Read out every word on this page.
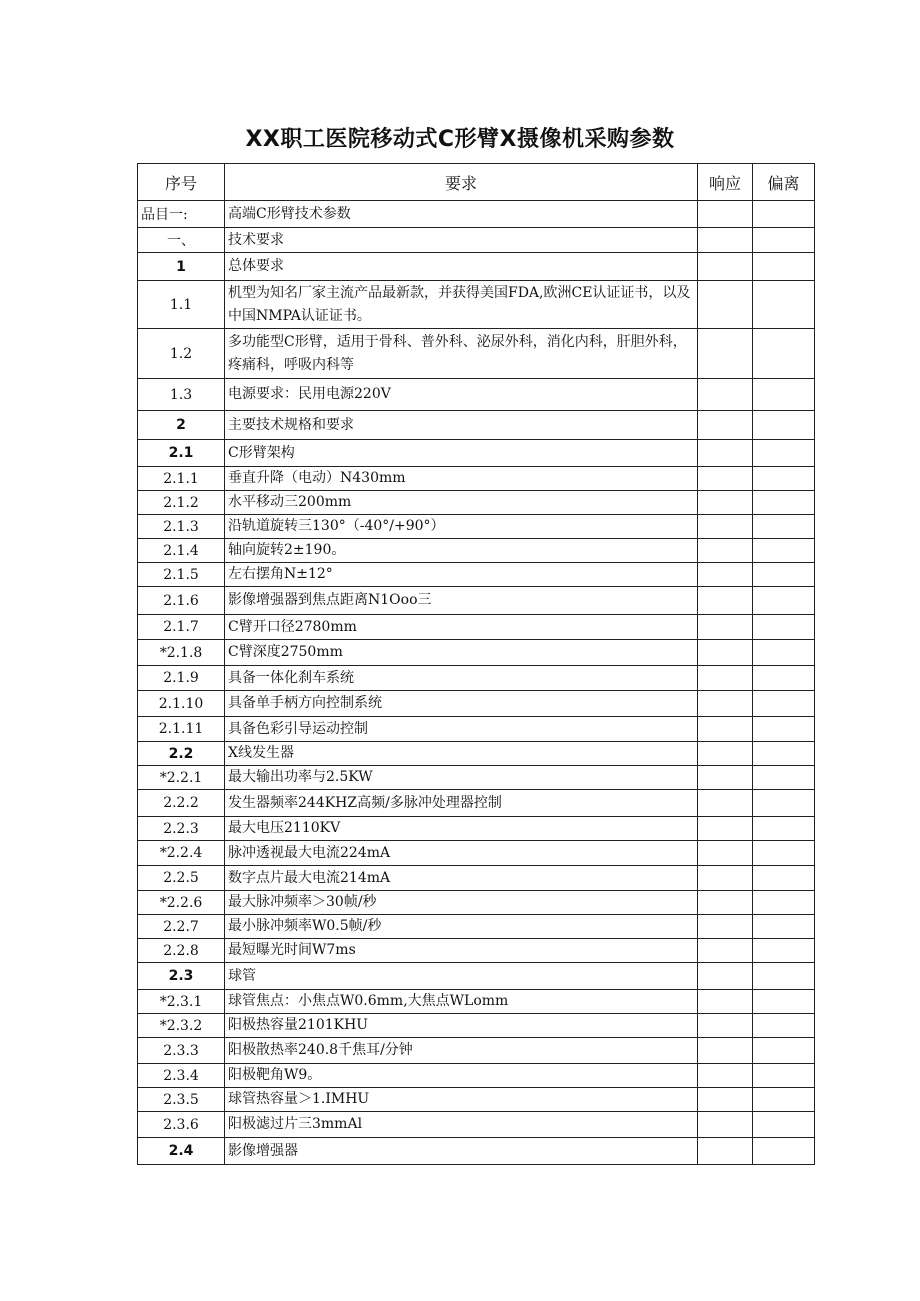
XX职工医院移动式C形臂X摄像机采购参数
序号	要求	响应	偏离
品目一:	高端C形臂技术参数		
一、	技术要求		
1	总体要求		
1.1	机型为知名厂家主流产品最新款，并获得美国FDA,欧洲CE认证证书，以及中国NMPA认证证书。		
1.2	多功能型C形臂，适用于骨科、普外科、泌尿外科，消化内科，肝胆外科，疼痛科，呼吸内科等		
1.3	电源要求：民用电源220V		
2	主要技术规格和要求		
2.1	C形臂架构		
2.1.1	垂直升降（电动）N430mm		
2.1.2	水平移动三200mm		
2.1.3	沿轨道旋转三130°（-40°/+90°）		
2.1.4	轴向旋转2±190。		
2.1.5	左右摆角N±12°		
2.1.6	影像增强器到焦点距离N1Ooo三		
2.1.7	C臂开口径2780mm		
*2.1.8	C臂深度2750mm		
2.1.9	具备一体化刹车系统		
2.1.10	具备单手柄方向控制系统		
2.1.11	具备色彩引导运动控制		
2.2	X线发生器		
*2.2.1	最大输出功率与2.5KW		
2.2.2	发生器频率244KHZ高频/多脉冲处理器控制		
2.2.3	最大电压2110KV		
*2.2.4	脉冲透视最大电流224mA		
2.2.5	数字点片最大电流214mA		
*2.2.6	最大脉冲频率＞30帧/秒		
2.2.7	最小脉冲频率W0.5帧/秒		
2.2.8	最短曝光时间W7ms		
2.3	球管		
*2.3.1	球管焦点：小焦点W0.6mm,大焦点WLomm		
*2.3.2	阳极热容量2101KHU		
2.3.3	阳极散热率240.8千焦耳/分钟		
2.3.4	阳极靶角W9。		
2.3.5	球管热容量＞1.IMHU		
2.3.6	阳极滤过片三3mmAl		
2.4	影像增强器		
